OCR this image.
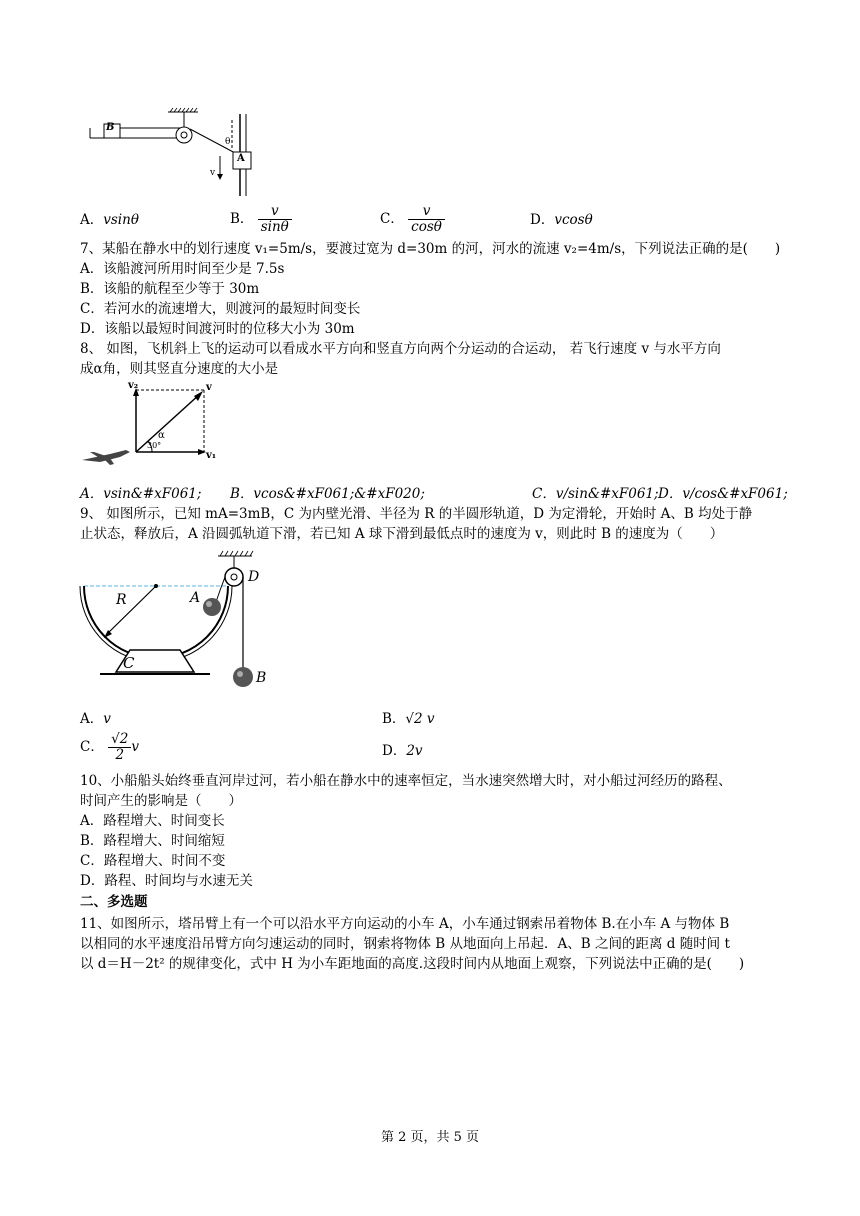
B
A
θ
v
A．vsinθ	B． $\frac{v}{\sin\theta}$	C． $\frac{v}{\cos\theta}$	D．vcosθ
7、某船在静水中的划行速度 v₁=5m/s，要渡过宽为 d=30m 的河，河水的流速 v₂=4m/s，下列说法正确的是(　　)
A．该船渡河所用时间至少是 7.5s
B．该船的航程至少等于 30m
C．若河水的流速增大，则渡河的最短时间变长
D．该船以最短时间渡河时的位移大小为 30m
8、 如图，飞机斜上飞的运动可以看成水平方向和竖直方向两个分运动的合运动， 若飞行速度 v 与水平方向
成α角，则其竖直分速度的大小是
v₂	v
α
30°
v₁
A．vsin&#xF061; B．vcos&#xF061;&#xF020;	C．v/sin&#xF061; D．v/cos&#xF061;
9、 如图所示，已知 mA=3mB，C 为内壁光滑、半径为 R 的半圆形轨道，D 为定滑轮，开始时 A、B 均处于静
止状态，释放后，A 沿圆弧轨道下滑，若已知 A 球下滑到最低点时的速度为 v，则此时 B 的速度为（　　）
R	A
D
C
B
A．v	B．√2 v
C． $\frac{√2}{2}$ v	D．2v
10、小船船头始终垂直河岸过河，若小船在静水中的速率恒定，当水速突然增大时，对小船过河经历的路程、
时间产生的影响是（　　）
A．路程增大、时间变长
B．路程增大、时间缩短
C．路程增大、时间不变
D．路程、时间均与水速无关
二、多选题
11、如图所示，塔吊臂上有一个可以沿水平方向运动的小车 A，小车通过钢索吊着物体 B.在小车 A 与物体 B
以相同的水平速度沿吊臂方向匀速运动的同时，钢索将物体 B 从地面向上吊起．A、B 之间的距离 d 随时间 t
以 d＝H－2t² 的规律变化，式中 H 为小车距地面的高度.这段时间内从地面上观察，下列说法中正确的是(　　)
第 2 页，共 5 页
